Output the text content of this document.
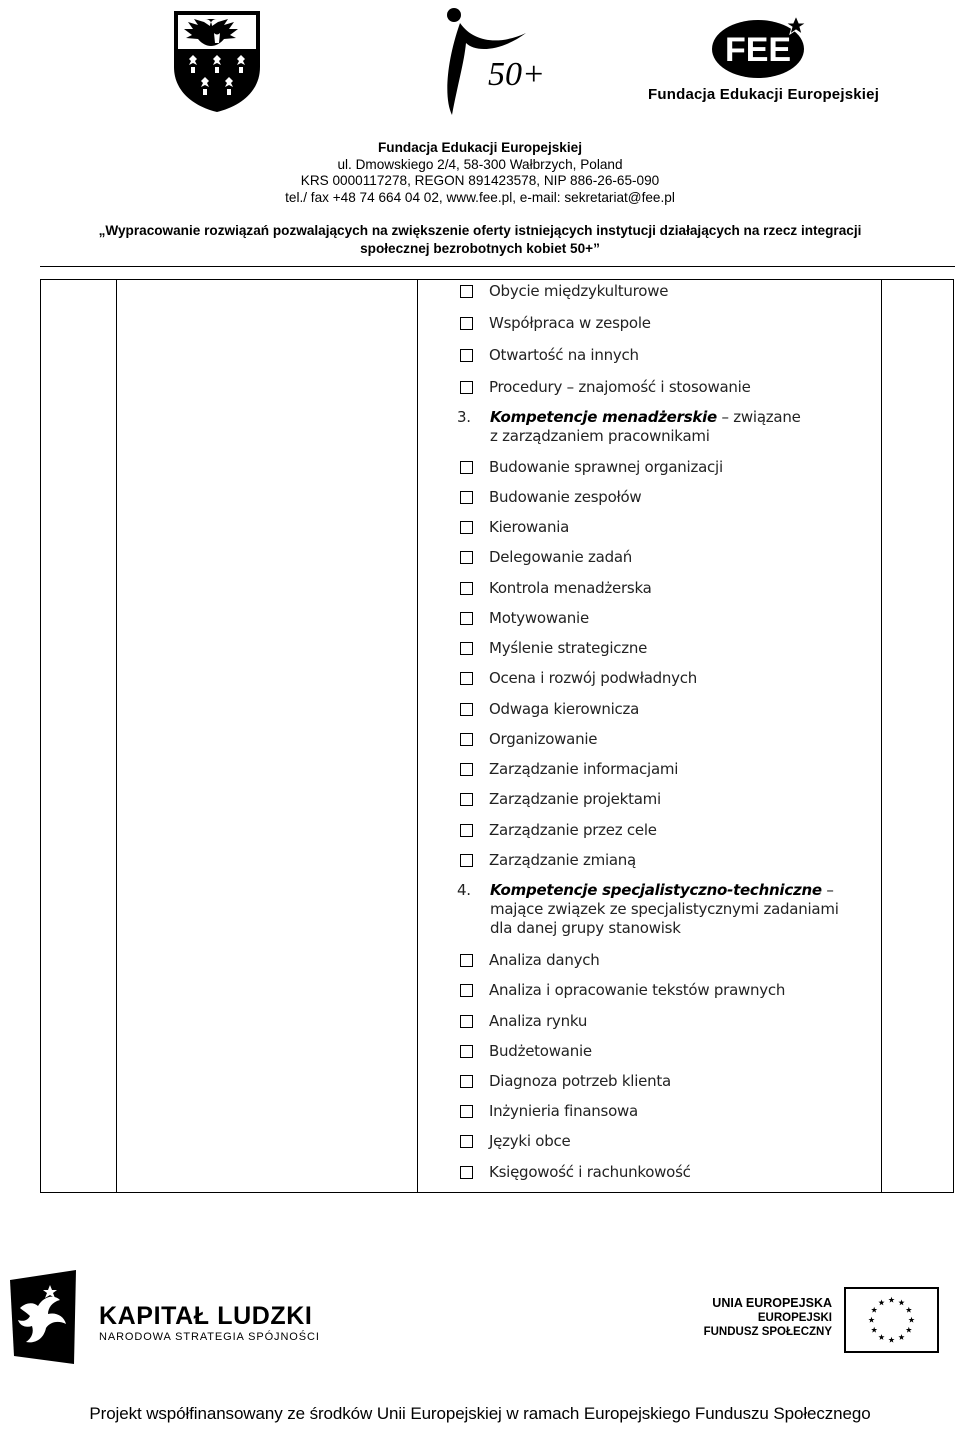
50+
FEE
Fundacja Edukacji Europejskiej
Fundacja Edukacji Europejskiej
ul. Dmowskiego 2/4, 58-300 Wałbrzych, Poland
KRS 0000117278, REGON 891423578, NIP 886-26-65-090
tel./ fax +48 74 664 04 02, www.fee.pl, e-mail: sekretariat@fee.pl
„Wypracowanie rozwiązań pozwalających na zwiększenie oferty istniejących instytucji działających na rzecz integracji
społecznej bezrobotnych kobiet 50+”
Obycie międzykulturowe
Współpraca w zespole
Otwartość na innych
Procedury – znajomość i stosowanie
3. Kompetencje menadżerskie – związane
z zarządzaniem pracownikami
Budowanie sprawnej organizacji
Budowanie zespołów
Kierowania
Delegowanie zadań
Kontrola menadżerska
Motywowanie
Myślenie strategiczne
Ocena i rozwój podwładnych
Odwaga kierownicza
Organizowanie
Zarządzanie informacjami
Zarządzanie projektami
Zarządzanie przez cele
Zarządzanie zmianą
4. Kompetencje specjalistyczno-techniczne –
mające związek ze specjalistycznymi zadaniami
dla danej grupy stanowisk
Analiza danych
Analiza i opracowanie tekstów prawnych
Analiza rynku
Budżetowanie
Diagnoza potrzeb klienta
Inżynieria finansowa
Języki obce
Księgowość i rachunkowość
KAPITAŁ LUDZKI
NARODOWA STRATEGIA SPÓJNOŚCI
UNIA EUROPEJSKA
EUROPEJSKI
FUNDUSZ SPOŁECZNY
Projekt współfinansowany ze środków Unii Europejskiej w ramach Europejskiego Funduszu Społecznego
